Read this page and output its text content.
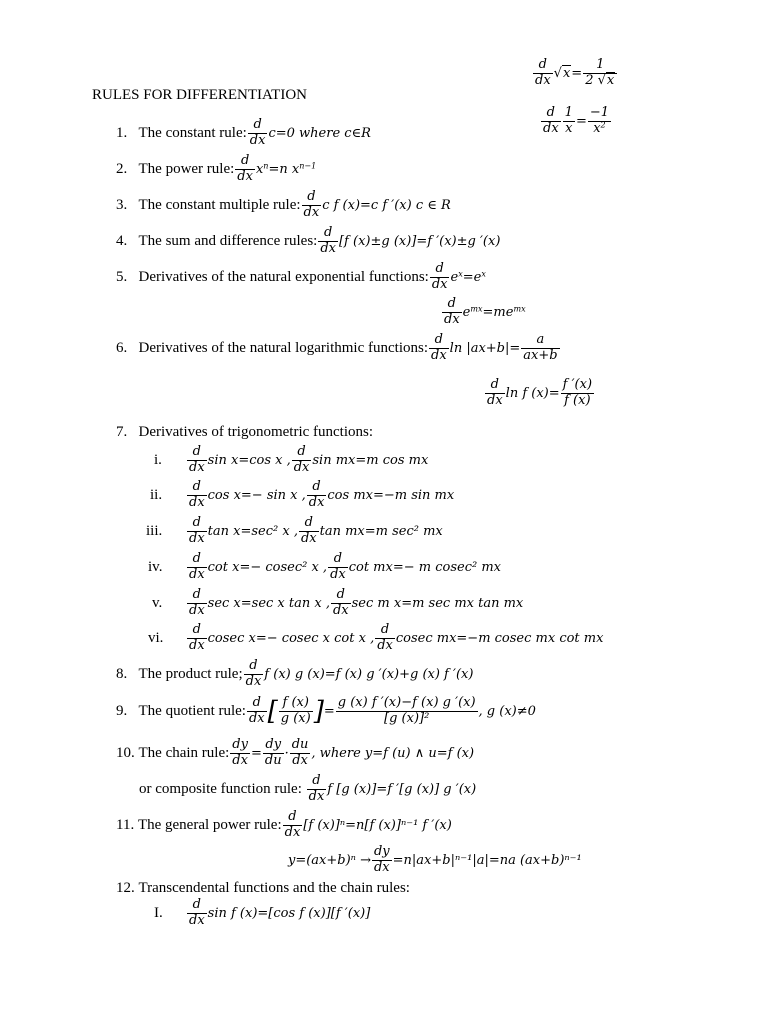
$\frac{d}{dx} √x= \frac{1}{2 √x}$
$\frac{d}{dx} \frac{1}{x} = \frac{-1}{x^2}$
RULES FOR DIFFERENTIATION
1. The constant rule: $\frac{d}{dx} c=0$ where c∈R
2. The power rule: $\frac{d}{dx} x^n=n$ $x^{n-1}$
3. The constant multiple rule: $\frac{d}{dx}$ c f (x)=c f ′(x) c ∈ R
4. The sum and difference rules: $\frac{d}{dx} [f$ (x)±g (x)]=f ′(x)±g ′(x)
5. Derivatives of the natural exponential functions: $\frac{d}{dx} e^x=e^x$
$\frac{d}{dx} e^{mx}=me^{mx}$
6. Derivatives of the natural logarithmic functions: $\frac{d}{dx}$ $\ln |ax+b|= \frac{a}{ax+b}$
$\frac{d}{dx}$ ln f $(x)= \frac{f '(x)}{f (x)}$
7. Derivatives of trigonometric functions:
i. $\frac{d}{dx}$ sin x=cos x , $\frac{d}{dx}$ sin mx=m cos mx
ii. $\frac{d}{dx}$ cos x=− sin x , $\frac{d}{dx}$ cos mx=−m sin mx
iii. $\frac{d}{dx}$ tan x=sec² x , $\frac{d}{dx}$ tan mx=m sec² mx
iv. $\frac{d}{dx}$ cot x=− cosec² x , $\frac{d}{dx}$ cot mx=− m cosec² mx
v. $\frac{d}{dx}$ sec x=sec x tan x , $\frac{d}{dx}$ sec m x=m sec mx tan mx
vi. $\frac{d}{dx}$ cosec x=− cosec x cot x , $\frac{d}{dx}$ cosec mx=−m cosec mx cot mx
8. The product rule; $\frac{d}{dx}$ f (x) g (x)=f (x) g ′(x)+g (x) f ′(x)
9. The quotient rule: $\frac{d}{dx}$ [ $\frac{f (x)}{g (x)}$ ]= $\frac{g (x) f '(x)-f (x) g '(x)}{\text{[g (x)]²}}$ , g (x)≠0
10. The chain rule: $\frac{dy}{dx} = \frac{dy}{du} \cdot \frac{du}{dx}$ , where y=f (u) ∧ u=f (x)
or composite function rule: $\frac{d}{dx}$ f [g (x)]=f ′[g (x)] g ′(x)
11. The general power rule: $\frac{d}{dx} [f$ (x)]ⁿ=n[f (x)]ⁿ⁻¹ f ′(x)
$y=(ax+b)^n \to \frac{dy}{dx} =n|ax+b|^{n-1}|a|=na$ (ax+b)ⁿ⁻¹
12. Transcendental functions and the chain rules:
I. $\frac{d}{dx}$ sin f (x)=[cos f (x)][f ′(x)]
